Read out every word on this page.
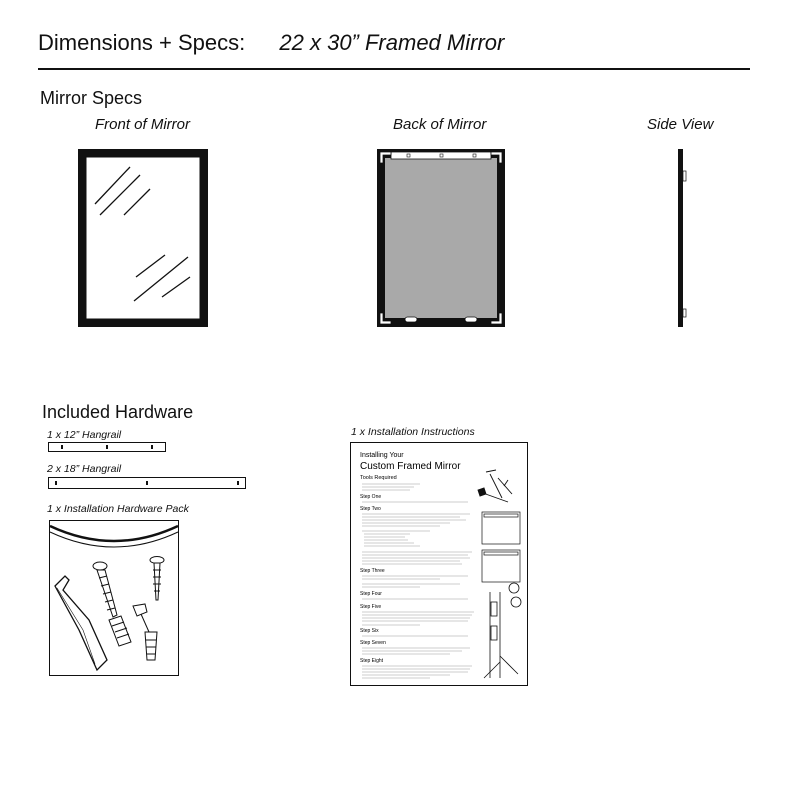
Dimensions + Specs: 22 x 30” Framed Mirror
Mirror Specs
Front of Mirror	Back of Mirror	Side View
Included Hardware
1 x 12” Hangrail
2 x 18” Hangrail
1 x Installation Hardware Pack
1 x Installation Instructions
Installing Your
Custom Framed Mirror
Tools Required
Step One
Step Two
Step Three
Step Four
Step Five
Step Six
Step Seven
Step Eight
